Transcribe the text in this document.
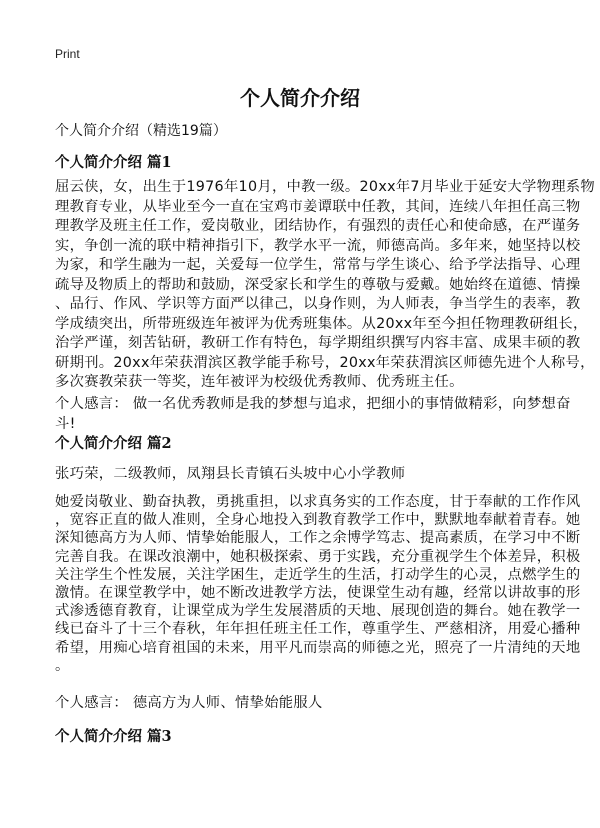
Print
个人简介介绍
个人简介介绍（精选19篇）
个人简介介绍 篇1
屈云侠，女，出生于1976年10月，中教一级。20xx年7月毕业于延安大学物理系物
理教育专业，从毕业至今一直在宝鸡市姜谭联中任教，其间，连续八年担任高三物
理教学及班主任工作，爱岗敬业，团结协作，有强烈的责任心和使命感，在严谨务
实，争创一流的联中精神指引下，教学水平一流，师德高尚。多年来，她坚持以校
为家，和学生融为一起，关爱每一位学生，常常与学生谈心、给予学法指导、心理
疏导及物质上的帮助和鼓励，深受家长和学生的尊敬与爱戴。她始终在道德、情操
、品行、作风、学识等方面严以律己，以身作则，为人师表，争当学生的表率，教
学成绩突出，所带班级连年被评为优秀班集体。从20xx年至今担任物理教研组长，
治学严谨，刻苦钻研，教研工作有特色，每学期组织撰写内容丰富、成果丰硕的教
研期刊。20xx年荣获渭滨区教学能手称号，20xx年荣获渭滨区师德先进个人称号，
多次赛教荣获一等奖，连年被评为校级优秀教师、优秀班主任。
个人感言： 做一名优秀教师是我的梦想与追求，把细小的事情做精彩，向梦想奋
斗!
个人简介介绍 篇2
张巧荣，二级教师，凤翔县长青镇石头坡中心小学教师
她爱岗敬业、勤奋执教，勇挑重担，以求真务实的工作态度，甘于奉献的工作作风
，宽容正直的做人准则，全身心地投入到教育教学工作中，默默地奉献着青春。她
深知德高方为人师、情挚始能服人，工作之余博学笃志、提高素质，在学习中不断
完善自我。在课改浪潮中，她积极探索、勇于实践，充分重视学生个体差异，积极
关注学生个性发展，关注学困生，走近学生的生活，打动学生的心灵，点燃学生的
激情。在课堂教学中，她不断改进教学方法，使课堂生动有趣，经常以讲故事的形
式渗透德育教育，让课堂成为学生发展潜质的天地、展现创造的舞台。她在教学一
线已奋斗了十三个春秋，年年担任班主任工作，尊重学生、严慈相济，用爱心播种
希望，用痴心培育祖国的未来，用平凡而崇高的师德之光，照亮了一片清纯的天地
。
个人感言： 德高方为人师、情挚始能服人
个人简介介绍 篇3
